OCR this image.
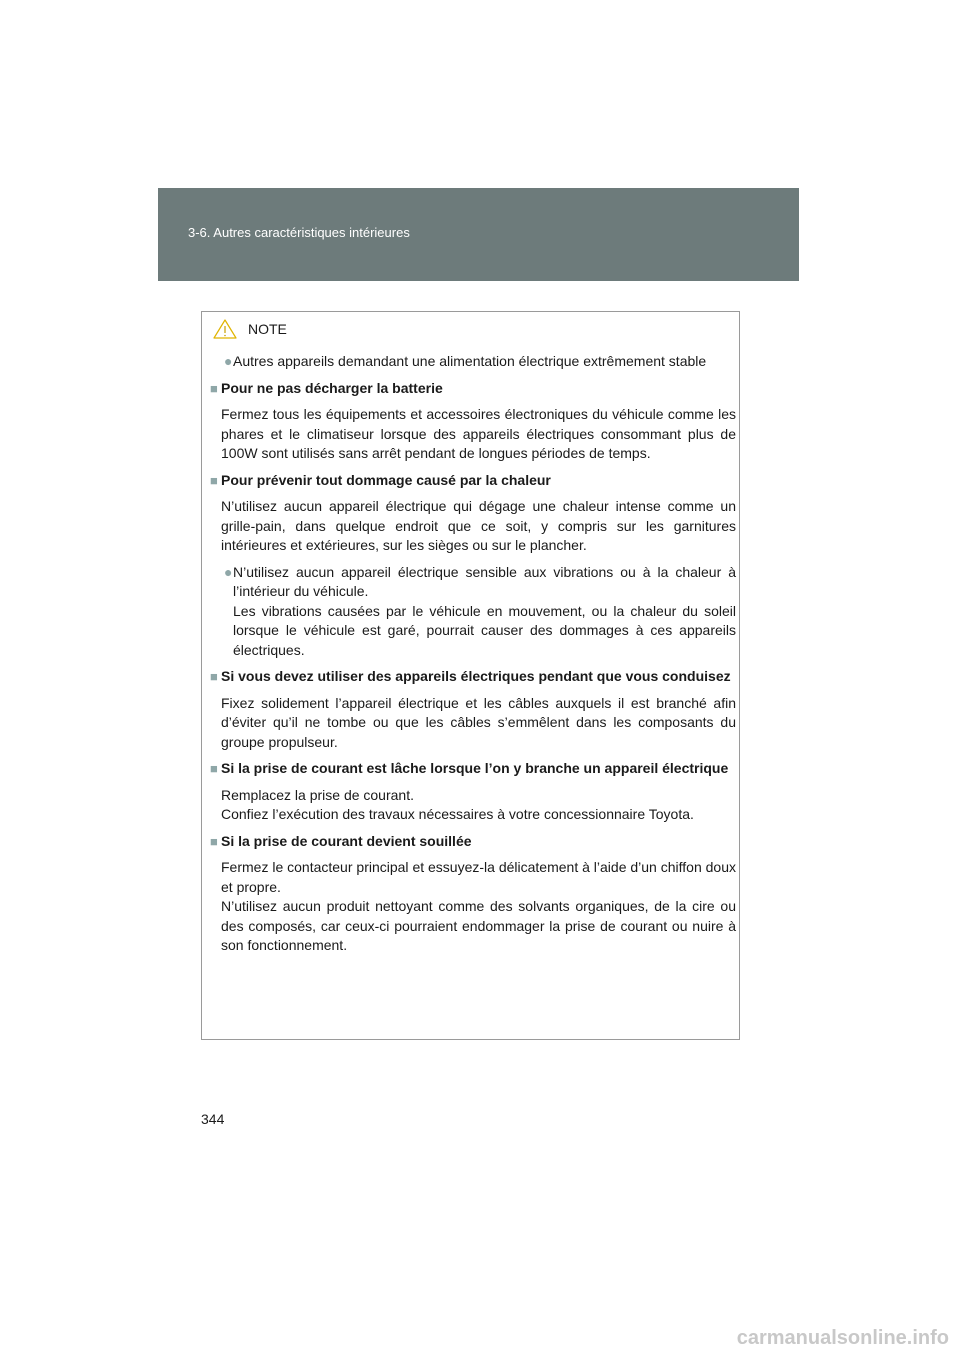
3-6. Autres caractéristiques intérieures
NOTE
● Autres appareils demandant une alimentation électrique extrêmement stable
■ Pour ne pas décharger la batterie
Fermez tous les équipements et accessoires électroniques du véhicule comme les phares et le climatiseur lorsque des appareils électriques consommant plus de 100W sont utilisés sans arrêt pendant de longues périodes de temps.
■ Pour prévenir tout dommage causé par la chaleur
N’utilisez aucun appareil électrique qui dégage une chaleur intense comme un grille-pain, dans quelque endroit que ce soit, y compris sur les garnitures intérieures et extérieures, sur les sièges ou sur le plancher.
● N’utilisez aucun appareil électrique sensible aux vibrations ou à la chaleur à l’intérieur du véhicule.
Les vibrations causées par le véhicule en mouvement, ou la chaleur du soleil lorsque le véhicule est garé, pourrait causer des dommages à ces appareils électriques.
■ Si vous devez utiliser des appareils électriques pendant que vous conduisez
Fixez solidement l’appareil électrique et les câbles auxquels il est branché afin d’éviter qu’il ne tombe ou que les câbles s’emmêlent dans les composants du groupe propulseur.
■ Si la prise de courant est lâche lorsque l’on y branche un appareil électrique
Remplacez la prise de courant.
Confiez l’exécution des travaux nécessaires à votre concessionnaire Toyota.
■ Si la prise de courant devient souillée
Fermez le contacteur principal et essuyez-la délicatement à l’aide d’un chiffon doux et propre.
N’utilisez aucun produit nettoyant comme des solvants organiques, de la cire ou des composés, car ceux-ci pourraient endommager la prise de courant ou nuire à son fonctionnement.
344
carmanualsonline.info
